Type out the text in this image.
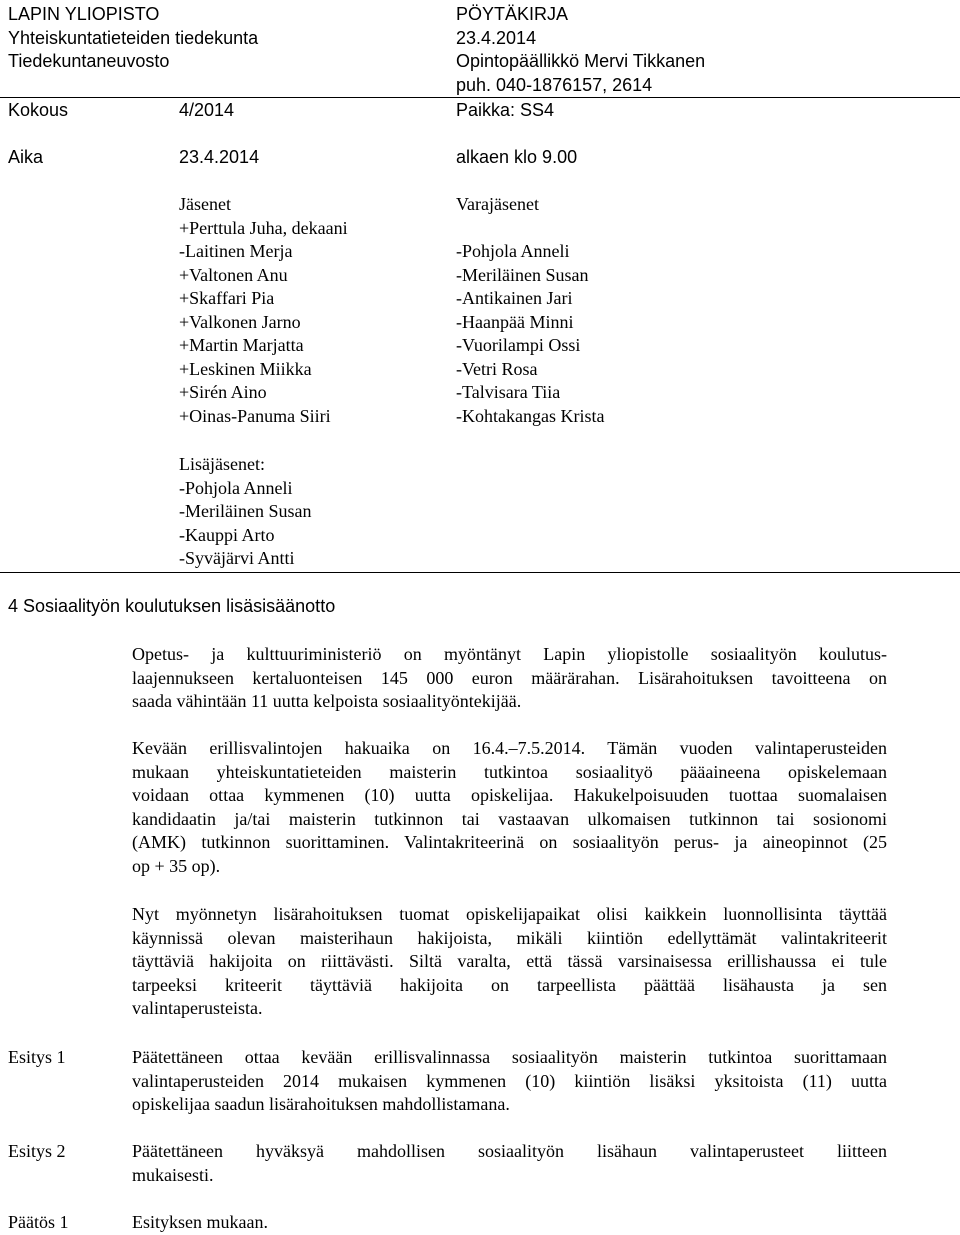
LAPIN YLIOPISTO
Yhteiskuntatieteiden tiedekunta
Tiedekuntaneuvosto
PÖYTÄKIRJA
23.4.2014
Opintopäällikkö Mervi Tikkanen
puh. 040-1876157, 2614
Kokous	4/2014	Paikka: SS4
Aika	23.4.2014	alkaen klo 9.00
Jäsenet
+Perttula Juha, dekaani
-Laitinen Merja
+Valtonen Anu
+Skaffari Pia
+Valkonen Jarno
+Martin Marjatta
+Leskinen Miikka
+Sirén Aino
+Oinas-Panuma Siiri
Varajäsenet
-Pohjola Anneli
-Meriläinen Susan
-Antikainen Jari
-Haanpää Minni
-Vuorilampi Ossi
-Vetri Rosa
-Talvisara Tiia
-Kohtakangas Krista
Lisäjäsenet:
-Pohjola Anneli
-Meriläinen Susan
-Kauppi Arto
-Syväjärvi Antti
4 Sosiaalityön koulutuksen lisäsisäänotto
Opetus- ja kulttuuriministeriö on myöntänyt Lapin yliopistolle sosiaalityön koulutus-
laajennukseen kertaluonteisen 145 000 euron määrärahan. Lisärahoituksen tavoitteena on
saada vähintään 11 uutta kelpoista sosiaalityöntekijää.
Kevään erillisvalintojen hakuaika on 16.4.–7.5.2014. Tämän vuoden valintaperusteiden
mukaan yhteiskuntatieteiden maisterin tutkintoa sosiaalityö pääaineena opiskelemaan
voidaan ottaa kymmenen (10) uutta opiskelijaa. Hakukelpoisuuden tuottaa suomalaisen
kandidaatin ja/tai maisterin tutkinnon tai vastaavan ulkomaisen tutkinnon tai sosionomi
(AMK) tutkinnon suorittaminen. Valintakriteerinä on sosiaalityön perus- ja aineopinnot (25
op + 35 op).
Nyt myönnetyn lisärahoituksen tuomat opiskelijapaikat olisi kaikkein luonnollisinta täyttää
käynnissä olevan maisterihaun hakijoista, mikäli kiintiön edellyttämät valintakriteerit
täyttäviä hakijoita on riittävästi. Siltä varalta, että tässä varsinaisessa erillishaussa ei tule
tarpeeksi kriteerit täyttäviä hakijoita on tarpeellista päättää lisähausta ja sen
valintaperusteista.
Esitys 1	Päätettäneen ottaa kevään erillisvalinnassa sosiaalityön maisterin tutkintoa suorittamaan
valintaperusteiden 2014 mukaisen kymmenen (10) kiintiön lisäksi yksitoista (11) uutta
opiskelijaa saadun lisärahoituksen mahdollistamana.
Esitys 2	Päätettäneen hyväksyä mahdollisen sosiaalityön lisähaun valintaperusteet liitteen
mukaisesti.
Päätös 1	Esityksen mukaan.
